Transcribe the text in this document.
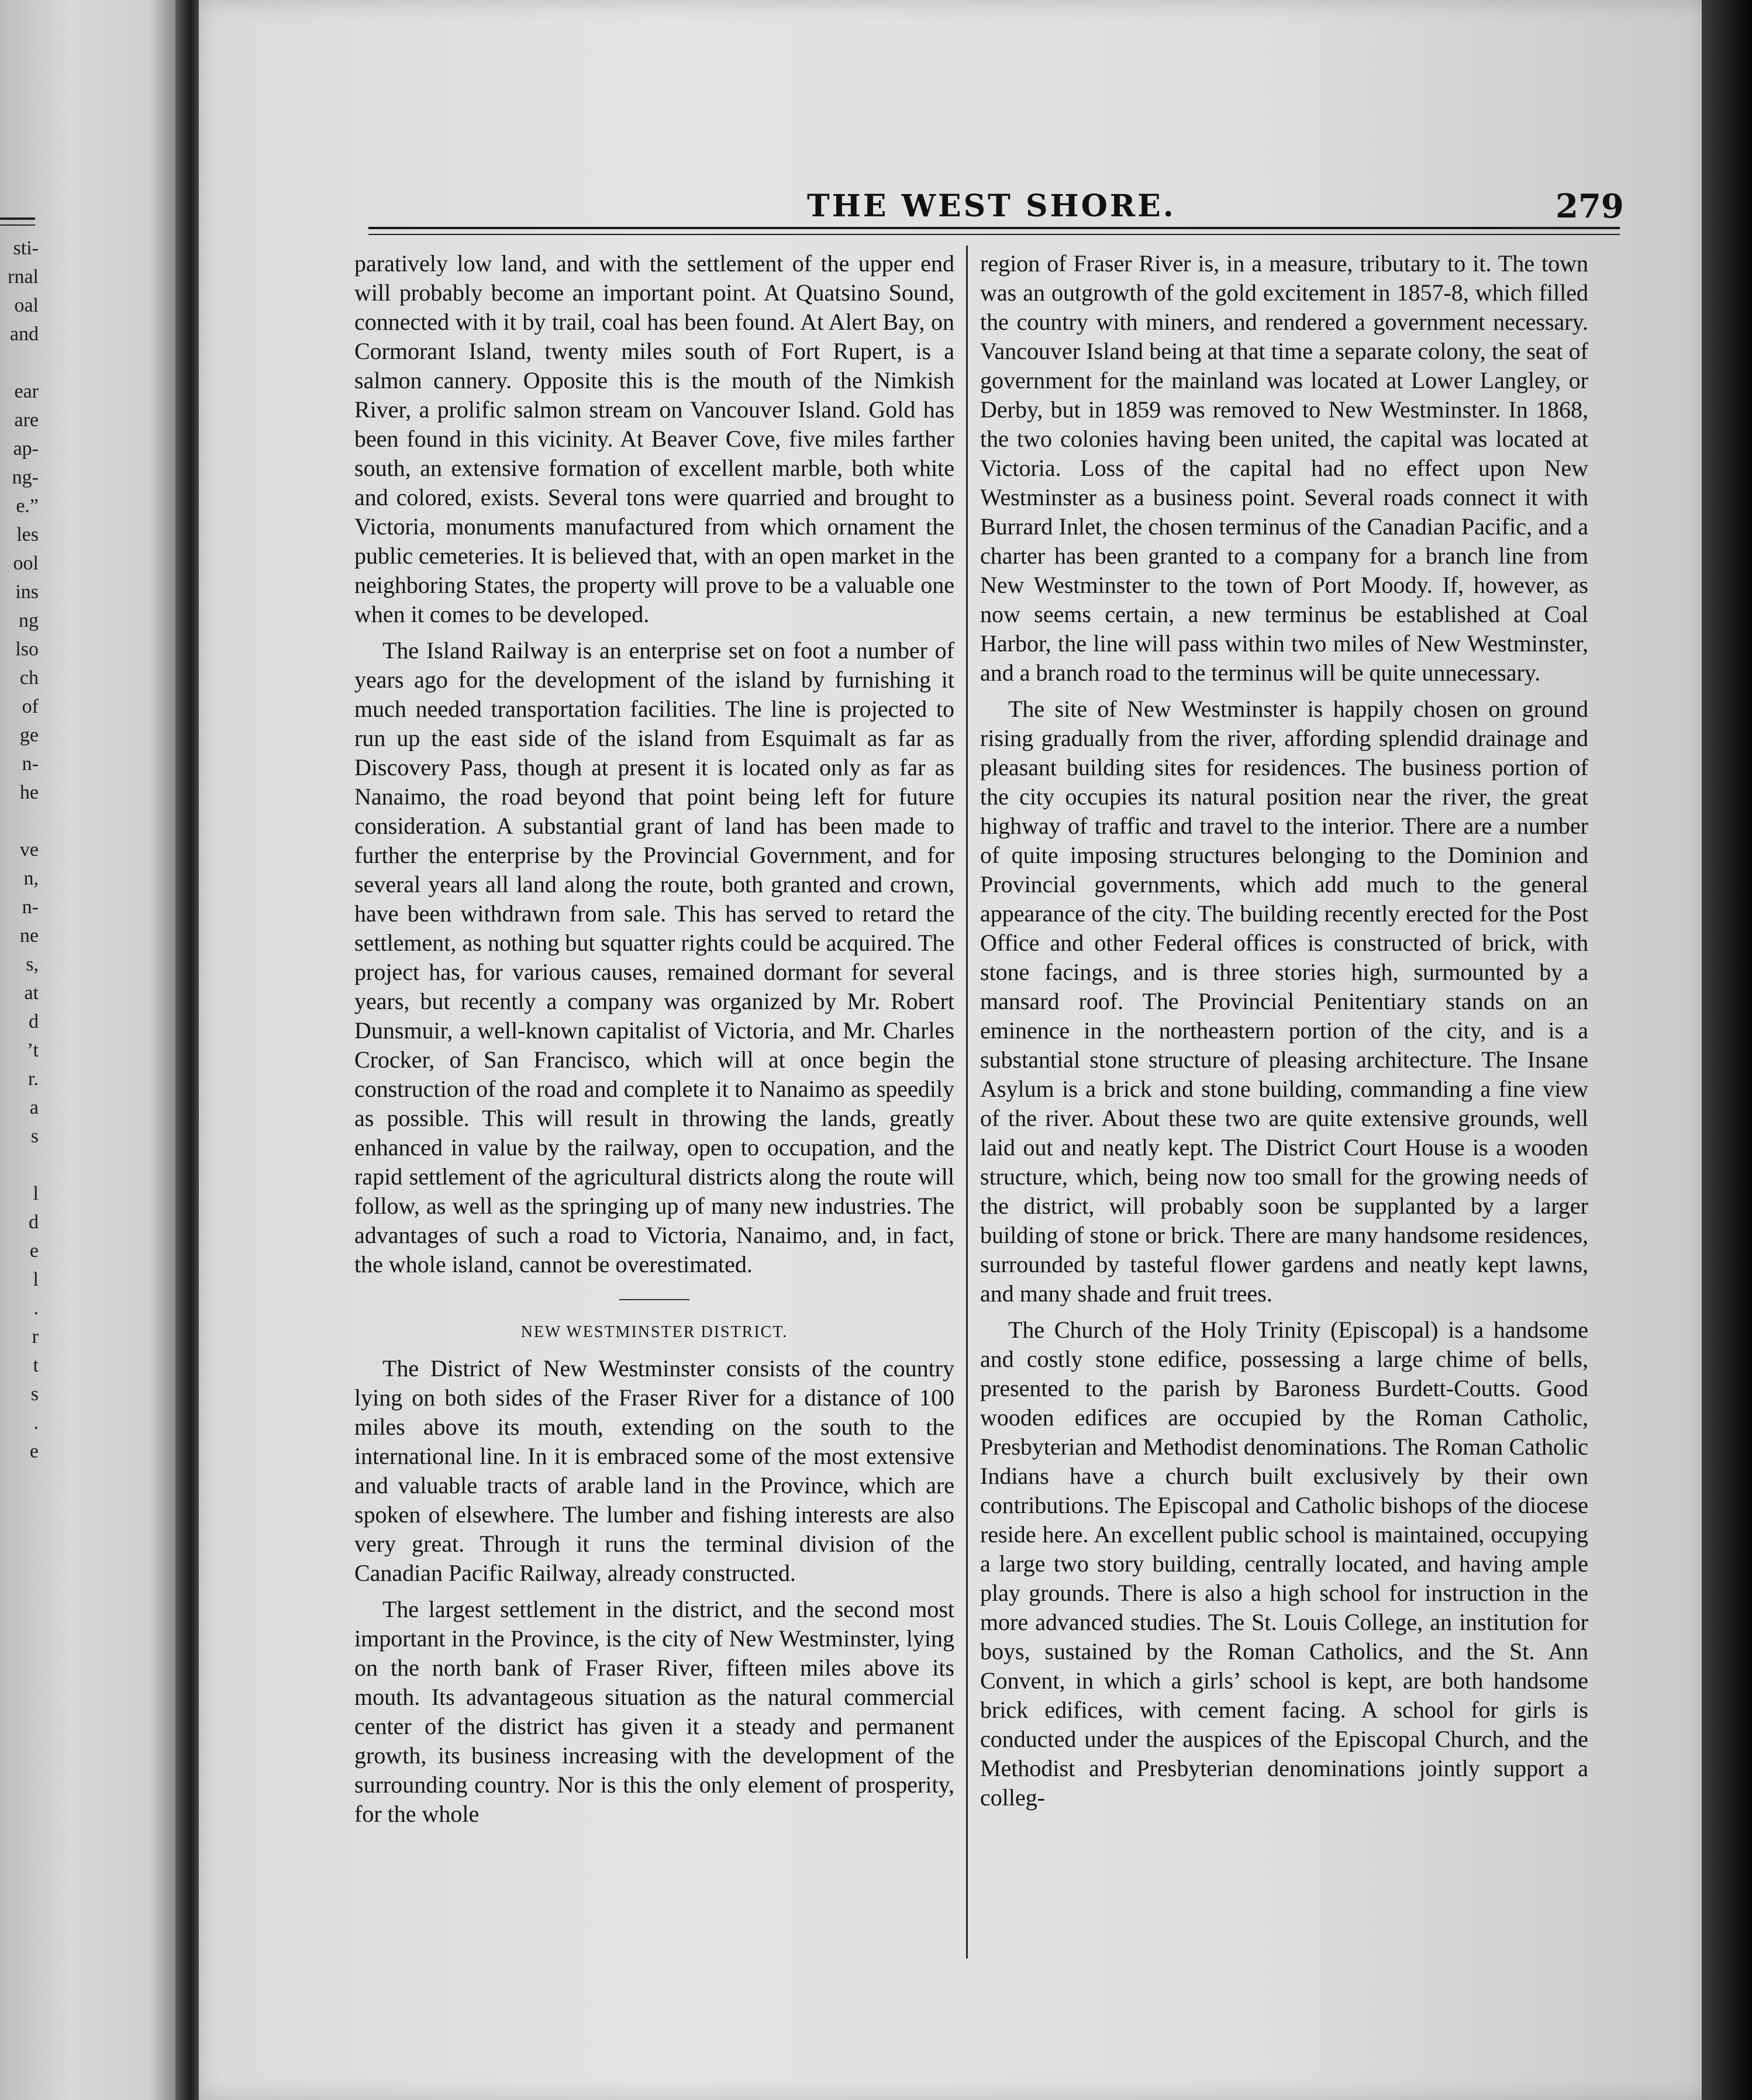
sti-
rnal
oal
and
ear
are
ap-
ng-
e.”
les
ool
ins
ng
lso
ch
of
ge
n-
he
ve
n,
n-
ne
s,
at
d
’t
r.
a
s
l
d
e
l
.
r
t
s
.
e
THE WEST SHORE.	279

paratively low land, and with the settlement of the upper end will probably become an important point. At Quatsino Sound, connected with it by trail, coal has been found. At Alert Bay, on Cormorant Island, twenty miles south of Fort Rupert, is a salmon cannery. Opposite this is the mouth of the Nimkish River, a prolific salmon stream on Vancouver Island. Gold has been found in this vicinity. At Beaver Cove, five miles farther south, an extensive formation of excellent marble, both white and colored, exists. Several tons were quarried and brought to Victoria, monuments manufactured from which ornament the public cemeteries. It is believed that, with an open market in the neighboring States, the property will prove to be a valuable one when it comes to be developed.

The Island Railway is an enterprise set on foot a number of years ago for the development of the island by furnishing it much needed transportation facilities. The line is projected to run up the east side of the island from Esquimalt as far as Discovery Pass, though at present it is located only as far as Nanaimo, the road beyond that point being left for future consideration. A substantial grant of land has been made to further the enterprise by the Provincial Government, and for several years all land along the route, both granted and crown, have been withdrawn from sale. This has served to retard the settlement, as nothing but squatter rights could be acquired. The project has, for various causes, remained dormant for several years, but recently a company was organized by Mr. Robert Dunsmuir, a well-known capitalist of Victoria, and Mr. Charles Crocker, of San Francisco, which will at once begin the construction of the road and complete it to Nanaimo as speedily as possible. This will result in throwing the lands, greatly enhanced in value by the railway, open to occupation, and the rapid settlement of the agricultural districts along the route will follow, as well as the springing up of many new industries. The advantages of such a road to Victoria, Nanaimo, and, in fact, the whole island, cannot be overestimated.

NEW WESTMINSTER DISTRICT.

The District of New Westminster consists of the country lying on both sides of the Fraser River for a distance of 100 miles above its mouth, extending on the south to the international line. In it is embraced some of the most extensive and valuable tracts of arable land in the Province, which are spoken of elsewhere. The lumber and fishing interests are also very great. Through it runs the terminal division of the Canadian Pacific Railway, already constructed.

The largest settlement in the district, and the second most important in the Province, is the city of New Westminster, lying on the north bank of Fraser River, fifteen miles above its mouth. Its advantageous situation as the natural commercial center of the district has given it a steady and permanent growth, its business increasing with the development of the surrounding country. Nor is this the only element of prosperity, for the whole

region of Fraser River is, in a measure, tributary to it. The town was an outgrowth of the gold excitement in 1857-8, which filled the country with miners, and rendered a government necessary. Vancouver Island being at that time a separate colony, the seat of government for the mainland was located at Lower Langley, or Derby, but in 1859 was removed to New Westminster. In 1868, the two colonies having been united, the capital was located at Victoria. Loss of the capital had no effect upon New Westminster as a business point. Several roads connect it with Burrard Inlet, the chosen terminus of the Canadian Pacific, and a charter has been granted to a company for a branch line from New Westminster to the town of Port Moody. If, however, as now seems certain, a new terminus be established at Coal Harbor, the line will pass within two miles of New Westminster, and a branch road to the terminus will be quite unnecessary.

The site of New Westminster is happily chosen on ground rising gradually from the river, affording splendid drainage and pleasant building sites for residences. The business portion of the city occupies its natural position near the river, the great highway of traffic and travel to the interior. There are a number of quite imposing structures belonging to the Dominion and Provincial governments, which add much to the general appearance of the city. The building recently erected for the Post Office and other Federal offices is constructed of brick, with stone facings, and is three stories high, surmounted by a mansard roof. The Provincial Penitentiary stands on an eminence in the northeastern portion of the city, and is a substantial stone structure of pleasing architecture. The Insane Asylum is a brick and stone building, commanding a fine view of the river. About these two are quite extensive grounds, well laid out and neatly kept. The District Court House is a wooden structure, which, being now too small for the growing needs of the district, will probably soon be supplanted by a larger building of stone or brick. There are many handsome residences, surrounded by tasteful flower gardens and neatly kept lawns, and many shade and fruit trees.

The Church of the Holy Trinity (Episcopal) is a handsome and costly stone edifice, possessing a large chime of bells, presented to the parish by Baroness Burdett-Coutts. Good wooden edifices are occupied by the Roman Catholic, Presbyterian and Methodist denominations. The Roman Catholic Indians have a church built exclusively by their own contributions. The Episcopal and Catholic bishops of the diocese reside here. An excellent public school is maintained, occupying a large two story building, centrally located, and having ample play grounds. There is also a high school for instruction in the more advanced studies. The St. Louis College, an institution for boys, sustained by the Roman Catholics, and the St. Ann Convent, in which a girls’ school is kept, are both handsome brick edifices, with cement facing. A school for girls is conducted under the auspices of the Episcopal Church, and the Methodist and Presbyterian denominations jointly support a colleg-
